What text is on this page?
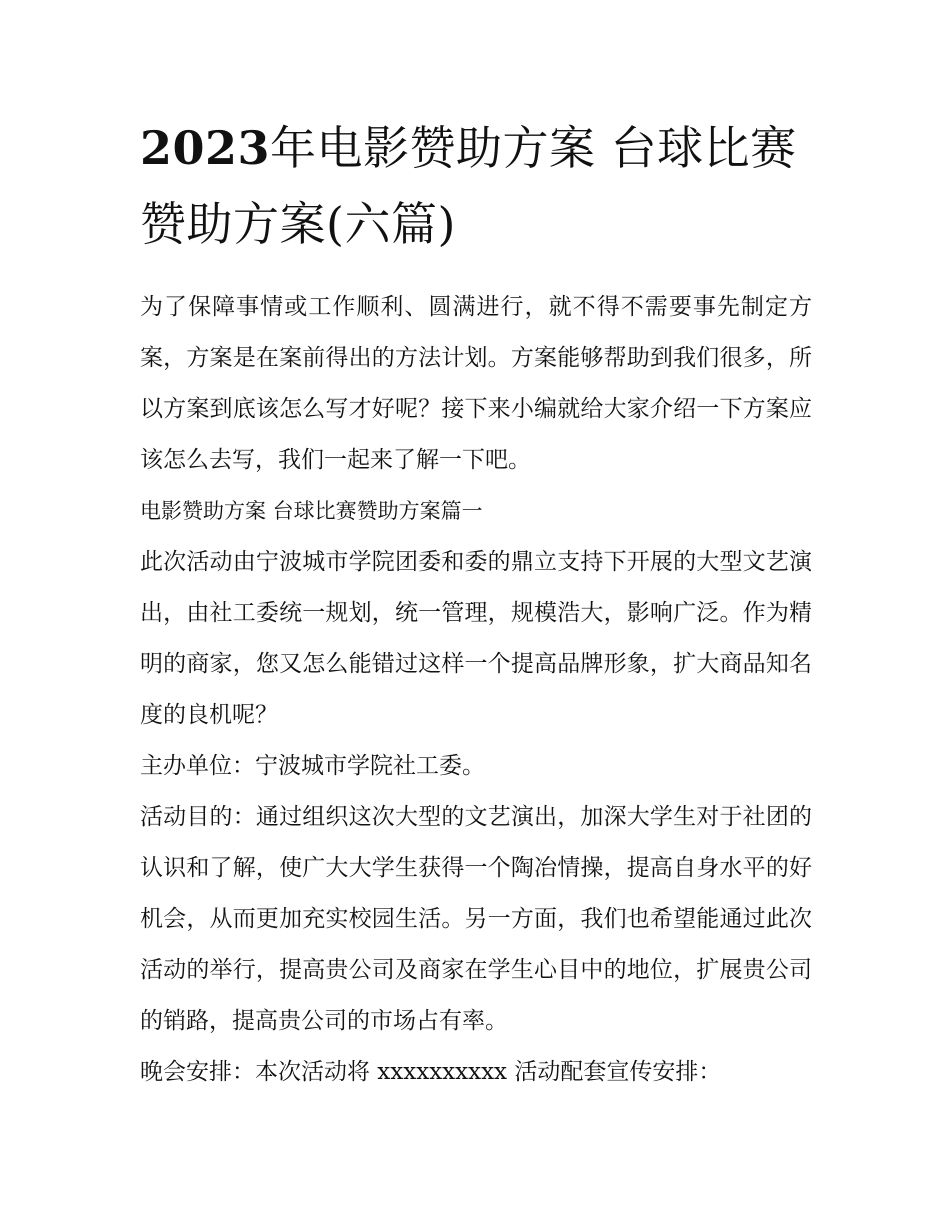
2023年电影赞助方案 台球比赛赞助方案(六篇)

为了保障事情或工作顺利、圆满进行，就不得不需要事先制定方案，方案是在案前得出的方法计划。方案能够帮助到我们很多，所以方案到底该怎么写才好呢？接下来小编就给大家介绍一下方案应该怎么去写，我们一起来了解一下吧。

电影赞助方案 台球比赛赞助方案篇一

此次活动由宁波城市学院团委和委的鼎立支持下开展的大型文艺演出，由社工委统一规划，统一管理，规模浩大，影响广泛。作为精明的商家，您又怎么能错过这样一个提高品牌形象，扩大商品知名度的良机呢？

主办单位：宁波城市学院社工委。

活动目的：通过组织这次大型的文艺演出，加深大学生对于社团的认识和了解，使广大大学生获得一个陶冶情操，提高自身水平的好机会，从而更加充实校园生活。另一方面，我们也希望能通过此次活动的举行，提高贵公司及商家在学生心目中的地位，扩展贵公司的销路，提高贵公司的市场占有率。

晚会安排：本次活动将 xxxxxxxxxx 活动配套宣传安排：
